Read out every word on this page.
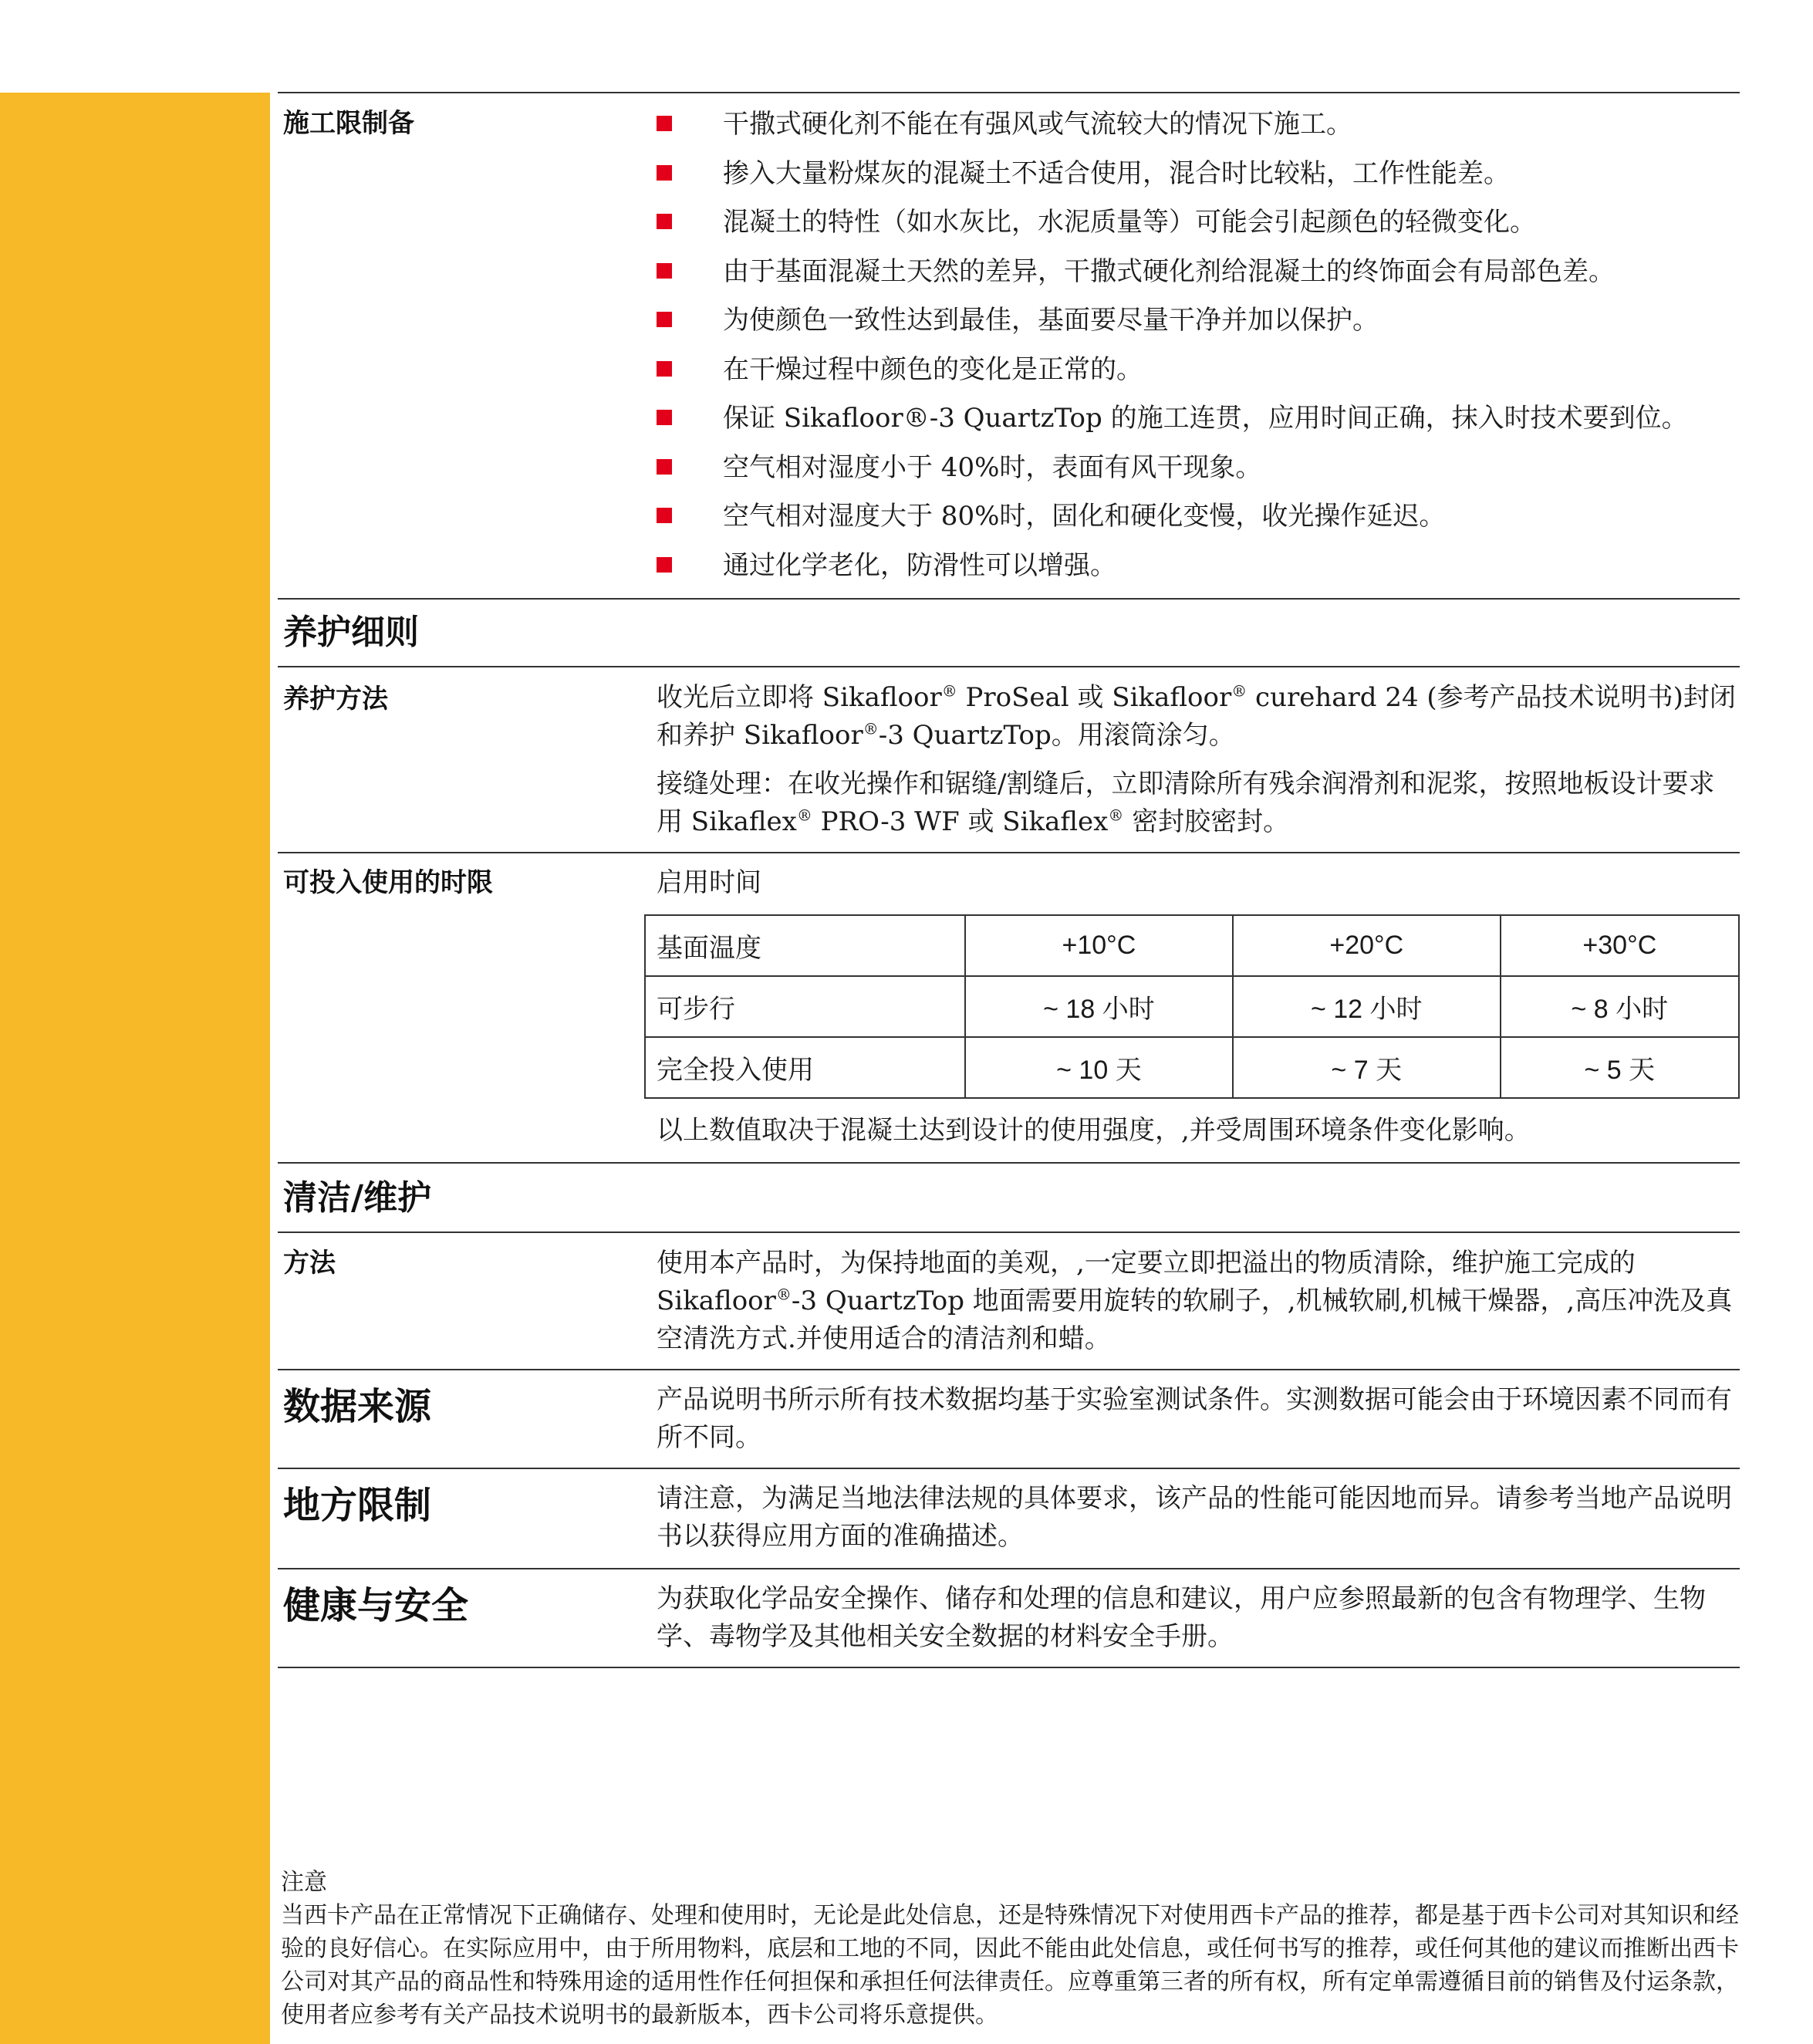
施工限制备	干撒式硬化剂不能在有强风或气流较大的情况下施工。
掺入大量粉煤灰的混凝土不适合使用，混合时比较粘，工作性能差。
混凝土的特性（如水灰比，水泥质量等）可能会引起颜色的轻微变化。
由于基面混凝土天然的差异，干撒式硬化剂给混凝土的终饰面会有局部色差。
为使颜色一致性达到最佳，基面要尽量干净并加以保护。
在干燥过程中颜色的变化是正常的。
保证 Sikafloor®-3 QuartzTop 的施工连贯，应用时间正确，抹入时技术要到位。
空气相对湿度小于 40%时，表面有风干现象。
空气相对湿度大于 80%时，固化和硬化变慢，收光操作延迟。
通过化学老化，防滑性可以增强。
养护细则
养护方法	收光后立即将 Sikafloor® ProSeal 或 Sikafloor® curehard 24 (参考产品技术说明书)封闭和养护 Sikafloor®-3 QuartzTop。用滚筒涂匀。

接缝处理：在收光操作和锯缝/割缝后，立即清除所有残余润滑剂和泥浆，按照地板设计要求用 Sikaflex® PRO-3 WF 或 Sikaflex® 密封胶密封。

可投入使用的时限	启用时间
基面温度	+10°C	+20°C	+30°C
可步行	~ 18 小时	~ 12 小时	~ 8 小时
完全投入使用	~ 10 天	~ 7 天	~ 5 天
以上数值取决于混凝土达到设计的使用强度，,并受周围环境条件变化影响。
清洁/维护
方法	使用本产品时，为保持地面的美观，,一定要立即把溢出的物质清除，维护施工完成的 Sikafloor®-3 QuartzTop 地面需要用旋转的软刷子，,机械软刷,机械干燥器，,高压冲洗及真空清洗方式.并使用适合的清洁剂和蜡。
数据来源	产品说明书所示所有技术数据均基于实验室测试条件。实测数据可能会由于环境因素不同而有所不同。
地方限制	请注意，为满足当地法律法规的具体要求，该产品的性能可能因地而异。请参考当地产品说明书以获得应用方面的准确描述。
健康与安全	为获取化学品安全操作、储存和处理的信息和建议，用户应参照最新的包含有物理学、生物学、毒物学及其他相关安全数据的材料安全手册。
注意
当西卡产品在正常情况下正确储存、处理和使用时，无论是此处信息，还是特殊情况下对使用西卡产品的推荐，都是基于西卡公司对其知识和经验的良好信心。在实际应用中，由于所用物料，底层和工地的不同，因此不能由此处信息，或任何书写的推荐，或任何其他的建议而推断出西卡公司对其产品的商品性和特殊用途的适用性作任何担保和承担任何法律责任。应尊重第三者的所有权，所有定单需遵循目前的销售及付运条款，使用者应参考有关产品技术说明书的最新版本，西卡公司将乐意提供。
